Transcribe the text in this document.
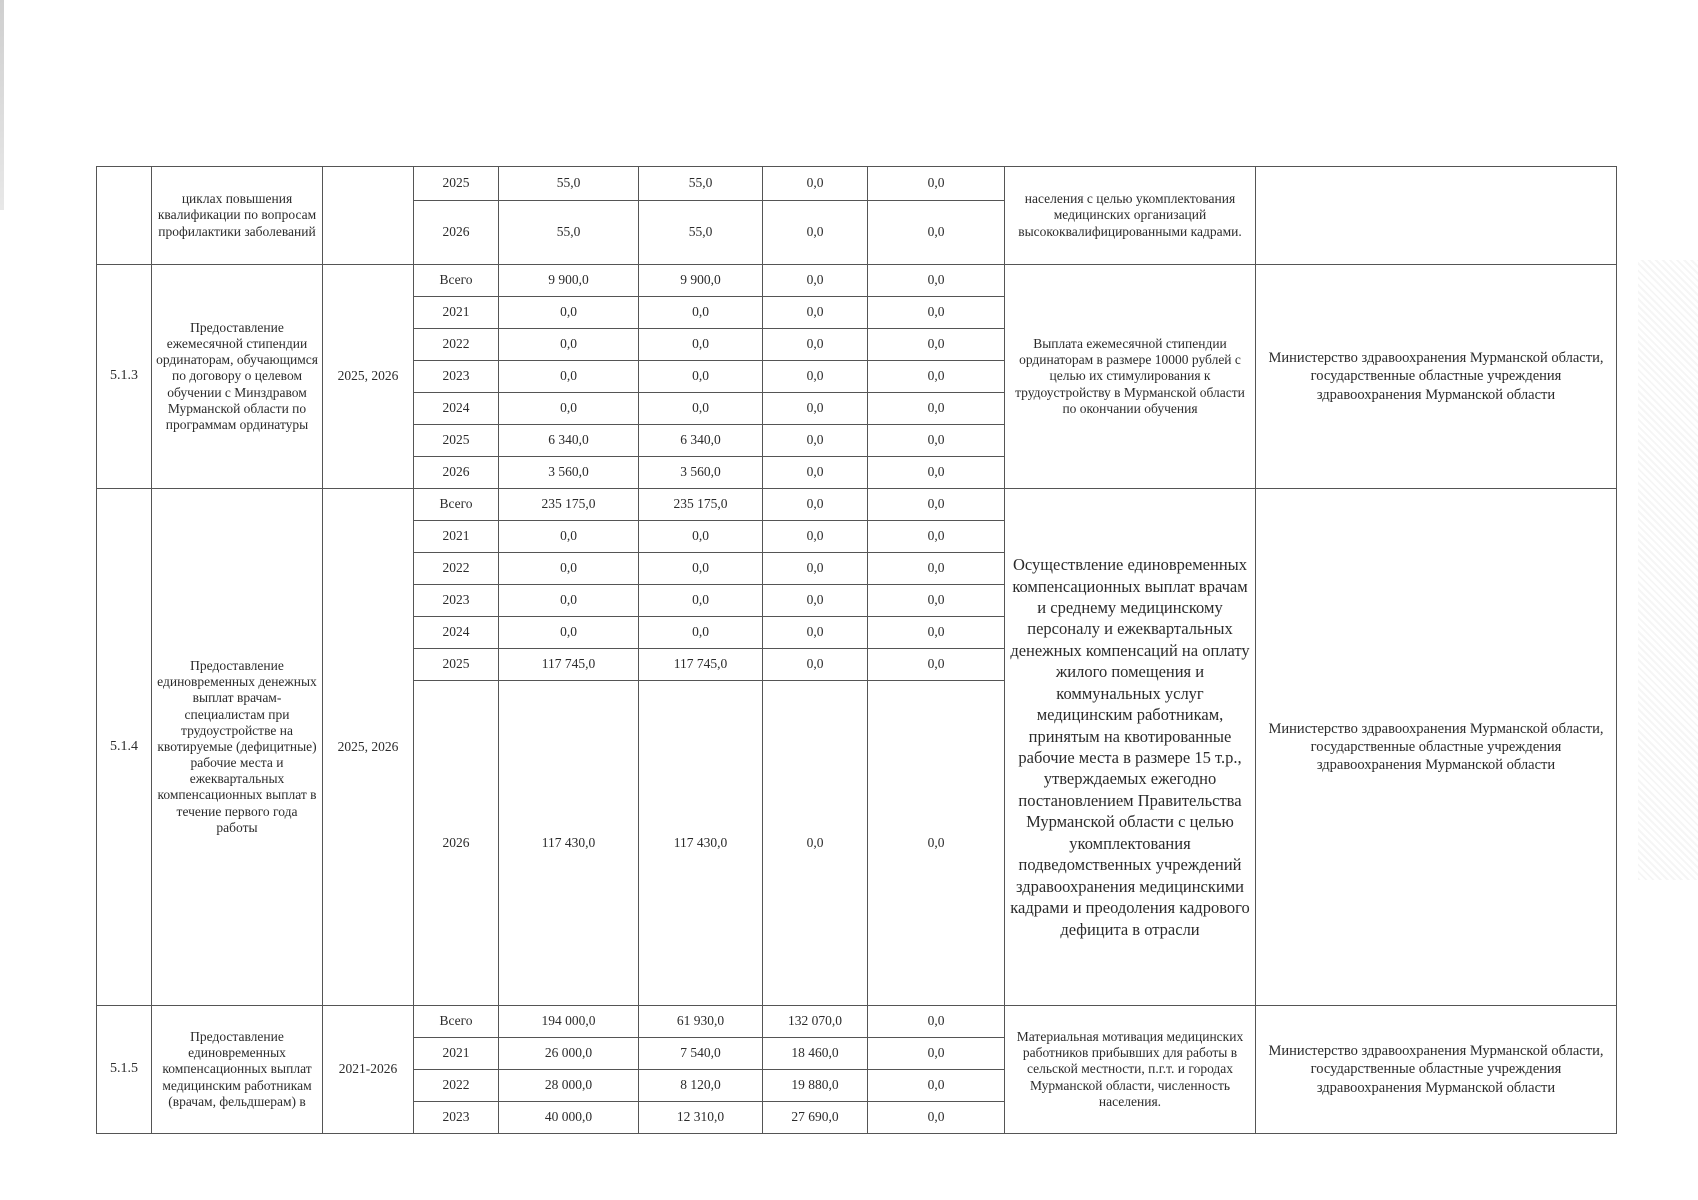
	циклах повышения квалификации по вопросам профилактики заболеваний		2025	55,0	55,0	0,0	0,0	населения с целью укомплектования медицинских организаций высококвалифицированными кадрами.	
			2026	55,0	55,0	0,0	0,0		
5.1.3	Предоставление ежемесячной стипендии ординаторам, обучающимся по договору о целевом обучении с Минздравом Мурманской области по программам ординатуры	2025, 2026	Всего	9 900,0	9 900,0	0,0	0,0	Выплата ежемесячной стипендии ординаторам в размере 10000 рублей с целью их стимулирования к трудоустройству в Мурманской области по окончании обучения	Министерство здравоохранения Мурманской области, государственные областные учреждения здравоохранения Мурманской области
			2021	0,0	0,0	0,0	0,0		
			2022	0,0	0,0	0,0	0,0		
			2023	0,0	0,0	0,0	0,0		
			2024	0,0	0,0	0,0	0,0		
			2025	6 340,0	6 340,0	0,0	0,0		
			2026	3 560,0	3 560,0	0,0	0,0		
5.1.4	Предоставление единовременных денежных выплат врачам-специалистам при трудоустройстве на квотируемые (дефицитные) рабочие места и ежеквартальных компенсационных выплат в течение первого года работы	2025, 2026	Всего	235 175,0	235 175,0	0,0	0,0	Осуществление единовременных компенсационных выплат врачам и среднему медицинскому персоналу и ежеквартальных денежных компенсаций на оплату жилого помещения и коммунальных услуг медицинским работникам, принятым на квотированные рабочие места в размере 15 т.р., утверждаемых ежегодно постановлением Правительства Мурманской области с целью укомплектования подведомственных учреждений здравоохранения медицинскими кадрами и преодоления кадрового дефицита в отрасли	Министерство здравоохранения Мурманской области, государственные областные учреждения здравоохранения Мурманской области
			2021	0,0	0,0	0,0	0,0		
			2022	0,0	0,0	0,0	0,0		
			2023	0,0	0,0	0,0	0,0		
			2024	0,0	0,0	0,0	0,0		
			2025	117 745,0	117 745,0	0,0	0,0		
			2026	117 430,0	117 430,0	0,0	0,0		
5.1.5	Предоставление единовременных компенсационных выплат медицинским работникам (врачам, фельдшерам) в	2021-2026	Всего	194 000,0	61 930,0	132 070,0	0,0	Материальная мотивация медицинских работников прибывших для работы в сельской местности, п.г.т. и городах Мурманской области, численность населения.	Министерство здравоохранения Мурманской области, государственные областные учреждения здравоохранения Мурманской области
			2021	26 000,0	7 540,0	18 460,0	0,0		
			2022	28 000,0	8 120,0	19 880,0	0,0		
			2023	40 000,0	12 310,0	27 690,0	0,0		
